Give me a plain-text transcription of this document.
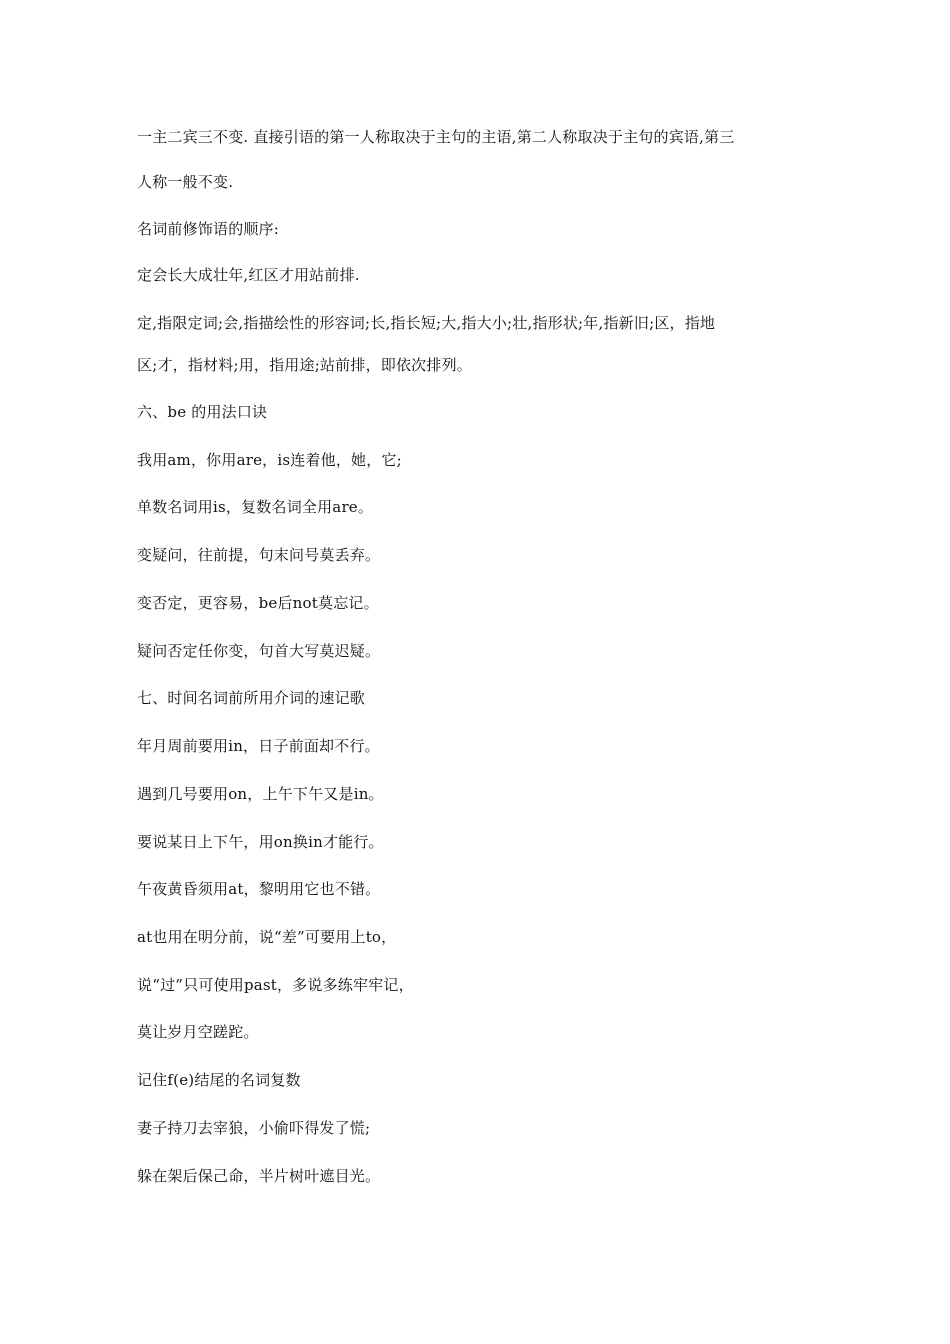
一主二宾三不变. 直接引语的第一人称取决于主句的主语,第二人称取决于主句的宾语,第三
人称一般不变.
名词前修饰语的顺序:
定会长大成壮年,红区才用站前排.
定,指限定词;会,指描绘性的形容词;长,指长短;大,指大小;壮,指形状;年,指新旧;区，指地
区;才，指材料;用，指用途;站前排，即依次排列。
六、be 的用法口诀
我用am，你用are，is连着他，她，它;
单数名词用is，复数名词全用are。
变疑问，往前提，句末问号莫丢弃。
变否定，更容易，be后not莫忘记。
疑问否定任你变，句首大写莫迟疑。
七、时间名词前所用介词的速记歌
年月周前要用in，日子前面却不行。
遇到几号要用on，上午下午又是in。
要说某日上下午，用on换in才能行。
午夜黄昏须用at，黎明用它也不错。
at也用在明分前，说“差”可要用上to，
说“过”只可使用past，多说多练牢牢记，
莫让岁月空蹉跎。
记住f(e)结尾的名词复数
妻子持刀去宰狼，小偷吓得发了慌;
躲在架后保己命，半片树叶遮目光。
